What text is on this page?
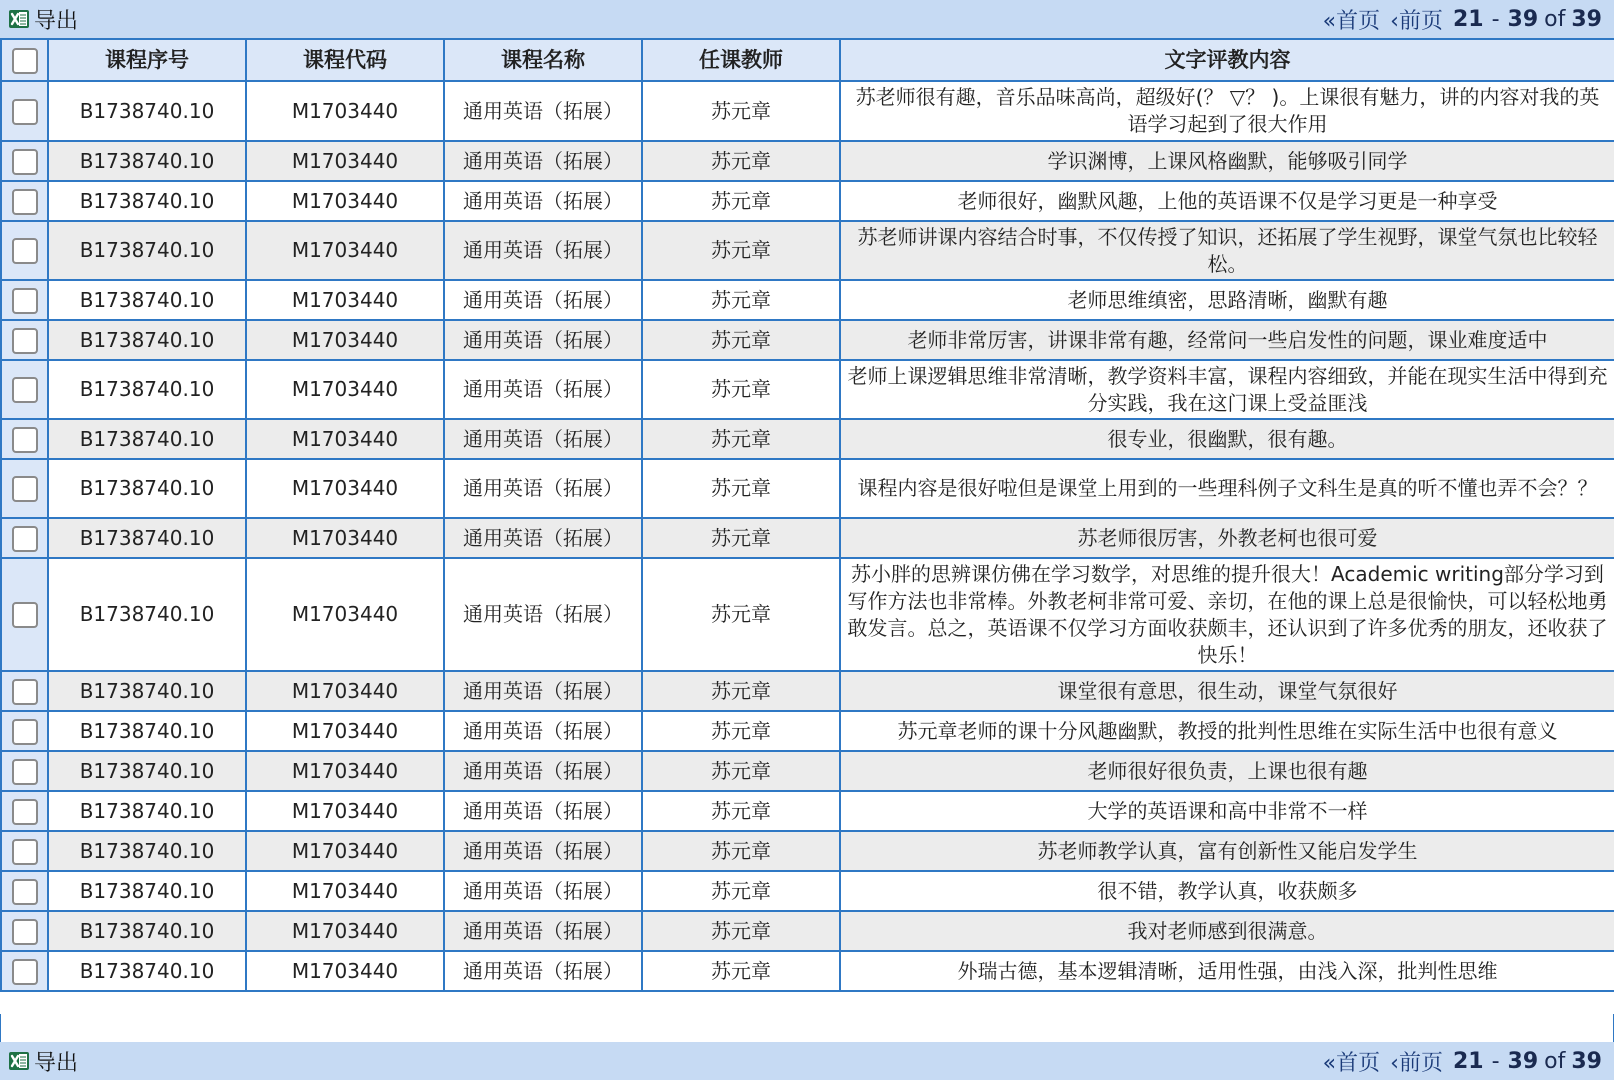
导出	«首页 ‹前页 21 - 39 of 39
	课程序号	课程代码	课程名称	任课教师	文字评教内容
	B1738740.10	M1703440	通用英语（拓展）	苏元章	苏老师很有趣，音乐品味高尚，超级好(？ ▽？ )。上课很有魅力，讲的内容对我的英语学习起到了很大作用
	B1738740.10	M1703440	通用英语（拓展）	苏元章	学识渊博，上课风格幽默，能够吸引同学
	B1738740.10	M1703440	通用英语（拓展）	苏元章	老师很好，幽默风趣，上他的英语课不仅是学习更是一种享受
	B1738740.10	M1703440	通用英语（拓展）	苏元章	苏老师讲课内容结合时事，不仅传授了知识，还拓展了学生视野，课堂气氛也比较轻松。
	B1738740.10	M1703440	通用英语（拓展）	苏元章	老师思维缜密，思路清晰，幽默有趣
	B1738740.10	M1703440	通用英语（拓展）	苏元章	老师非常厉害，讲课非常有趣，经常问一些启发性的问题，课业难度适中
	B1738740.10	M1703440	通用英语（拓展）	苏元章	老师上课逻辑思维非常清晰，教学资料丰富，课程内容细致，并能在现实生活中得到充分实践，我在这门课上受益匪浅
	B1738740.10	M1703440	通用英语（拓展）	苏元章	很专业，很幽默，很有趣。
	B1738740.10	M1703440	通用英语（拓展）	苏元章	课程内容是很好啦但是课堂上用到的一些理科例子文科生是真的听不懂也弄不会？？
	B1738740.10	M1703440	通用英语（拓展）	苏元章	苏老师很厉害，外教老柯也很可爱
	B1738740.10	M1703440	通用英语（拓展）	苏元章	苏小胖的思辨课仿佛在学习数学，对思维的提升很大！Academic writing部分学习到写作方法也非常棒。外教老柯非常可爱、亲切，在他的课上总是很愉快，可以轻松地勇敢发言。总之，英语课不仅学习方面收获颇丰，还认识到了许多优秀的朋友，还收获了快乐！
	B1738740.10	M1703440	通用英语（拓展）	苏元章	课堂很有意思，很生动，课堂气氛很好
	B1738740.10	M1703440	通用英语（拓展）	苏元章	苏元章老师的课十分风趣幽默，教授的批判性思维在实际生活中也很有意义
	B1738740.10	M1703440	通用英语（拓展）	苏元章	老师很好很负责，上课也很有趣
	B1738740.10	M1703440	通用英语（拓展）	苏元章	大学的英语课和高中非常不一样
	B1738740.10	M1703440	通用英语（拓展）	苏元章	苏老师教学认真，富有创新性又能启发学生
	B1738740.10	M1703440	通用英语（拓展）	苏元章	很不错，教学认真，收获颇多
	B1738740.10	M1703440	通用英语（拓展）	苏元章	我对老师感到很满意。
	B1738740.10	M1703440	通用英语（拓展）	苏元章	外瑞古德，基本逻辑清晰，适用性强，由浅入深，批判性思维
导出	«首页 ‹前页 21 - 39 of 39
